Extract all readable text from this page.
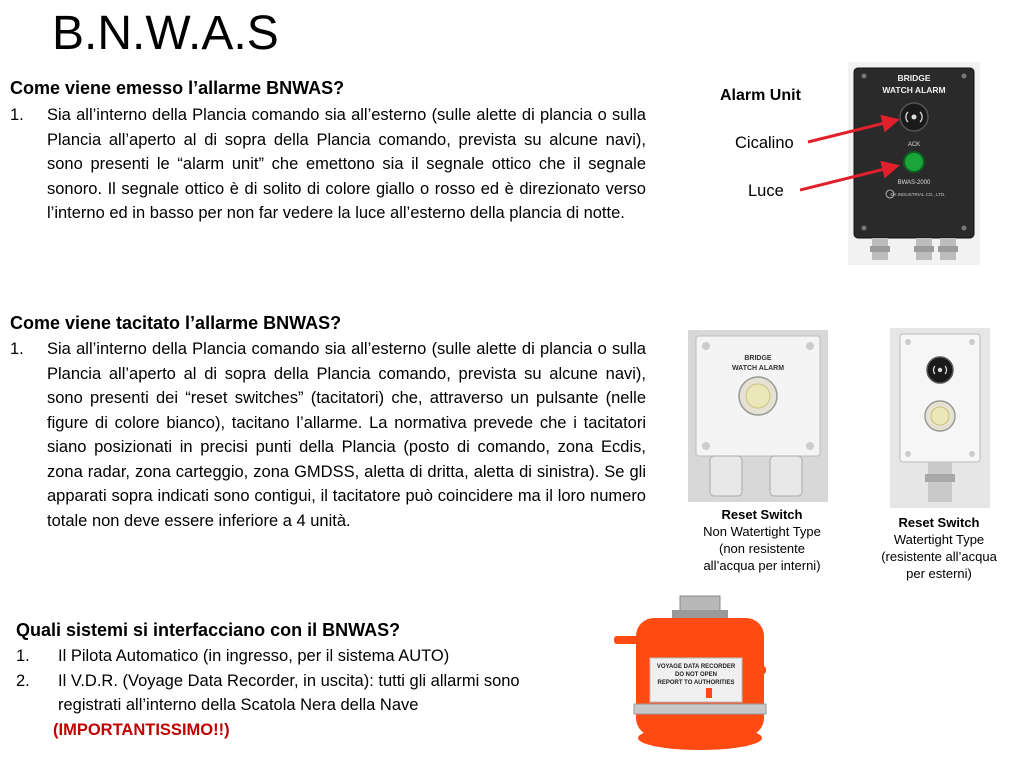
B.N.W.A.S
Come viene emesso l’allarme BNWAS?
1.	Sia all’interno della Plancia comando sia all’esterno (sulle alette di plancia o sulla Plancia all’aperto al di sopra della Plancia comando, prevista su alcune navi), sono presenti le “alarm unit” che emettono sia il segnale ottico che il segnale sonoro. Il segnale ottico è di solito di colore giallo o rosso ed è direzionato verso l’interno ed in basso per non far vedere la luce all’esterno della plancia di notte.
Come viene tacitato l’allarme BNWAS?
1.	Sia all’interno della Plancia comando sia all’esterno (sulle alette di plancia o sulla Plancia all’aperto al di sopra della Plancia comando, prevista su alcune navi), sono presenti dei “reset switches” (tacitatori) che, attraverso un pulsante (nelle figure di colore bianco), tacitano l’allarme. La normativa prevede che i tacitatori siano posizionati in precisi punti della Plancia (posto di comando, zona Ecdis, zona radar, zona carteggio, zona GMDSS, aletta di dritta, aletta di sinistra). Se gli apparati sopra indicati sono contigui, il tacitatore può coincidere ma il loro numero totale non deve essere inferiore a 4 unità.
Quali sistemi si interfacciano con il BNWAS?
1.	Il Pilota Automatico (in ingresso, per il sistema AUTO)
2.	Il V.D.R. (Voyage Data Recorder, in uscita): tutti gli allarmi sono registrati all’interno della Scatola Nera della Nave
(IMPORTANTISSIMO!!)
Alarm Unit
Cicalino
Luce
BRIDGE
WATCH ALARM
ACK
BWAS-2000
D-I INDUSTRIAL CO., LTD.
BRIDGE
WATCH ALARM
Reset Switch
Non Watertight Type
(non resistente
all’acqua per interni)
Reset Switch
Watertight Type
(resistente all’acqua
per esterni)
VOYAGE DATA RECORDER
DO NOT OPEN
REPORT TO AUTHORITIES
